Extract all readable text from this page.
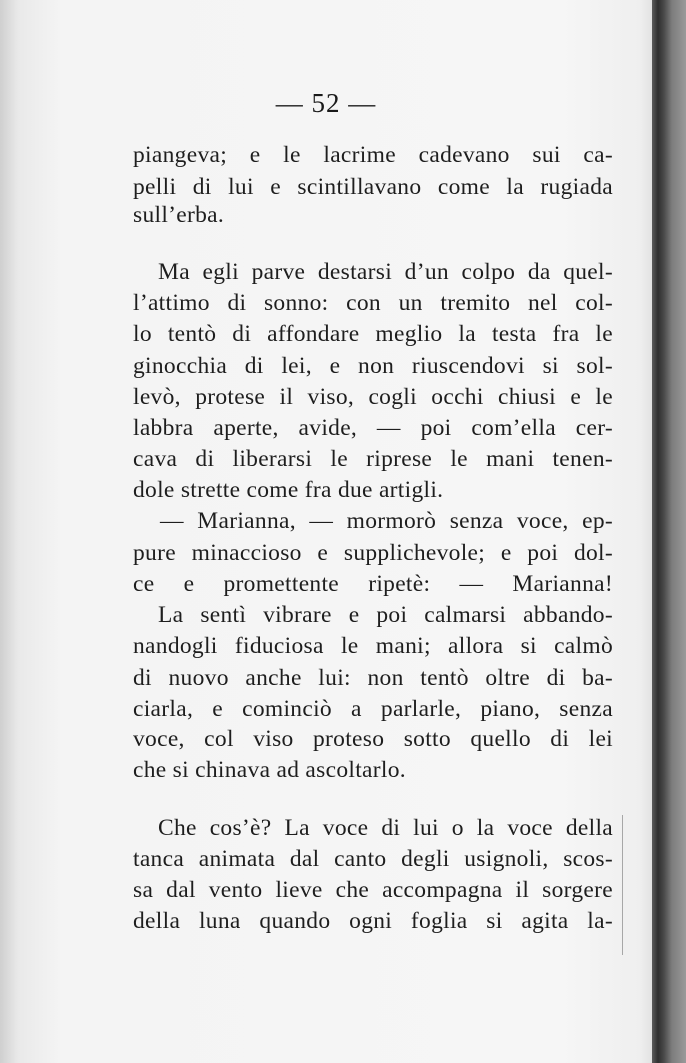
— 52 —
piangeva; e le lacrime cadevano sui ca-
pelli di lui e scintillavano come la rugiada
sull’erba.
Ma egli parve destarsi d’un colpo da quel-
l’attimo di sonno: con un tremito nel col-
lo tentò di affondare meglio la testa fra le
ginocchia di lei, e non riuscendovi si sol-
levò, protese il viso, cogli occhi chiusi e le
labbra aperte, avide, — poi com’ella cer-
cava di liberarsi le riprese le mani tenen-
dole strette come fra due artigli.
— Marianna, — mormorò senza voce, ep-
pure minaccioso e supplichevole; e poi dol-
ce e promettente ripetè: — Marianna!
La sentì vibrare e poi calmarsi abbando-
nandogli fiduciosa le mani; allora si calmò
di nuovo anche lui: non tentò oltre di ba-
ciarla, e cominciò a parlarle, piano, senza
voce, col viso proteso sotto quello di lei
che si chinava ad ascoltarlo.
Che cos’è? La voce di lui o la voce della
tanca animata dal canto degli usignoli, scos-
sa dal vento lieve che accompagna il sorgere
della luna quando ogni foglia si agita la-
